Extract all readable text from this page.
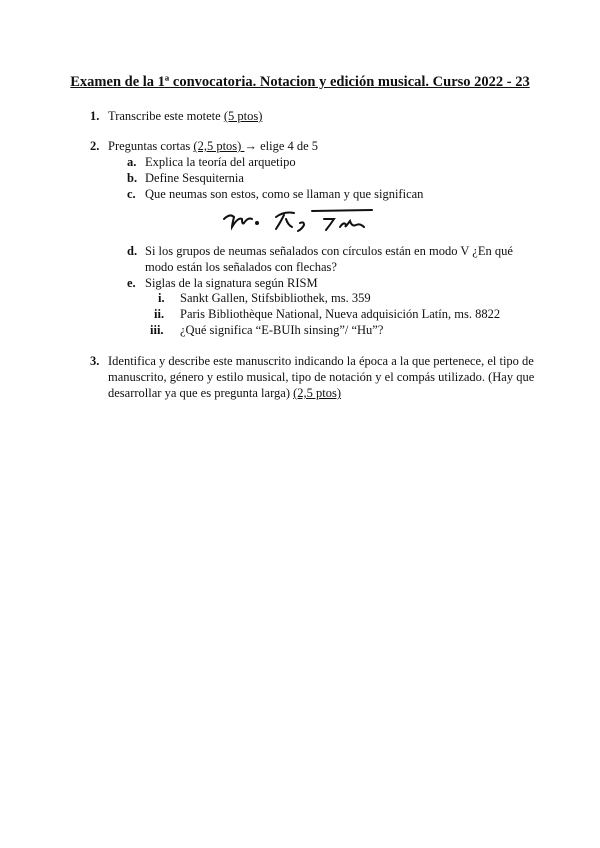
Examen de la 1ª convocatoria. Notacion y edición musical. Curso 2022 - 23
1. Transcribe este motete (5 ptos)
2. Preguntas cortas (2,5 ptos) → elige 4 de 5
a. Explica la teoría del arquetipo
b. Define Sesquiternia
c. Que neumas son estos, como se llaman y que significan
d. Si los grupos de neumas señalados con círculos están en modo V ¿En qué
modo están los señalados con flechas?
e. Siglas de la signatura según RISM
i. Sankt Gallen, Stifsbibliothek, ms. 359
ii. Paris Bibliothèque National, Nueva adquisición Latín, ms. 8822
iii. ¿Qué significa “E-BUIh sinsing”/ “Hu”?
3. Identifica y describe este manuscrito indicando la época a la que pertenece, el tipo de
manuscrito, género y estilo musical, tipo de notación y el compás utilizado. (Hay que
desarrollar ya que es pregunta larga) (2,5 ptos)
